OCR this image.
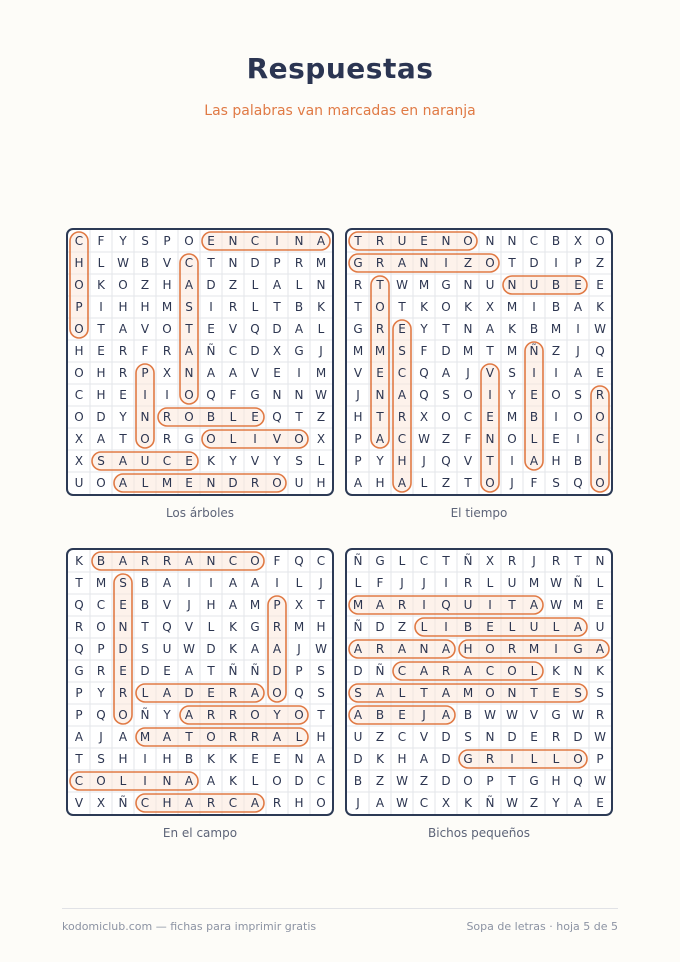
Respuestas
Las palabras van marcadas en naranja
C F Y S P O E N C I N A
H L W B V C T N D P R M
O K O Z H A D Z L A L N
P I H H M S I R L T B K
O T A V O T E V Q D A L
H E R F R A Ñ C D X G J
O H R P X N A A V E I M
C H E I I O Q F G N N W
O D Y N R O B L E Q T Z
X A T O R G O L I V O X
X S A U C E K Y V Y S L
U O A L M E N D R O U H
Los árboles
T R U E N O N N C B X O
G R A N I Z O T D I P Z
R T W M G N U N U B E E
T O T K O K X M I B A K
G R E Y T N A K B M I W
M M S F D M T M Ñ Z J Q
V E C Q A J V S I I A E
J N A Q S O I Y E O S R
H T R X O C E M B I O O
P A C W Z F N O L E I C
P Y H J Q V T I A H B I
A H A L Z T O J F S Q O
El tiempo
K B A R R A N C O F Q C
T M S B A I I A A I L J
Q C E B V J H A M P X T
R O N T Q V L K G R M H
Q P D S U W D K A A J W
G R E D E A T Ñ Ñ D P S
P Y R L A D E R A O Q S
P Q O Ñ Y A R R O Y O T
A J A M A T O R R A L H
T S H I H B K K E E N A
C O L I N A A K L O D C
V X Ñ C H A R C A R H O
En el campo
Ñ G L C T Ñ X R J R T N
L F J J I R L U M W Ñ L
M A R I Q U I T A W M E
Ñ D Z L I B E L U L A U
A R A N A H O R M I G A
D Ñ C A R A C O L K N K
S A L T A M O N T E S S
A B E J A B W W V G W R
U Z C V D S N D E R D W
D K H A D G R I L L O P
B Z W Z D O P T G H Q W
J A W C X K Ñ W Z Y A E
Bichos pequeños
kodomiclub.com — fichas para imprimir gratis	Sopa de letras · hoja 5 de 5
